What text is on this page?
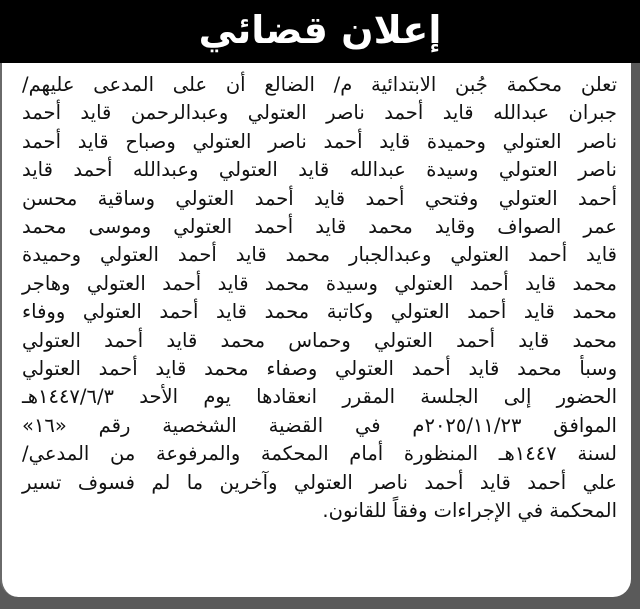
إعلان قضائي
تعلن محكمة جُبن الابتدائية م/ الضالع أن على المدعى عليهم/
جبران عبدالله قايد أحمد ناصر العتولي وعبدالرحمن قايد أحمد
ناصر العتولي وحميدة قايد أحمد ناصر العتولي وصباح قايد أحمد
ناصر العتولي وسيدة عبدالله قايد العتولي وعبدالله أحمد قايد
أحمد العتولي وفتحي أحمد قايد أحمد العتولي وساقية محسن
عمر الصواف وقايد محمد قايد أحمد العتولي وموسى محمد
قايد أحمد العتولي وعبدالجبار محمد قايد أحمد العتولي وحميدة
محمد قايد أحمد العتولي وسيدة محمد قايد أحمد العتولي وهاجر
محمد قايد أحمد العتولي وكاتبة محمد قايد أحمد العتولي ووفاء
محمد قايد أحمد العتولي وحماس محمد قايد أحمد العتولي
وسبأ محمد قايد أحمد العتولي وصفاء محمد قايد أحمد العتولي
الحضور إلى الجلسة المقرر انعقادها يوم الأحد ١٤٤٧/٦/٣هـ
الموافق ٢٠٢٥/١١/٢٣م في القضية الشخصية رقم «١٦»
لسنة ١٤٤٧هـ المنظورة أمام المحكمة والمرفوعة من المدعي/
علي أحمد قايد أحمد ناصر العتولي وآخرين ما لم فسوف تسير
المحكمة في الإجراءات وفقاً للقانون.
